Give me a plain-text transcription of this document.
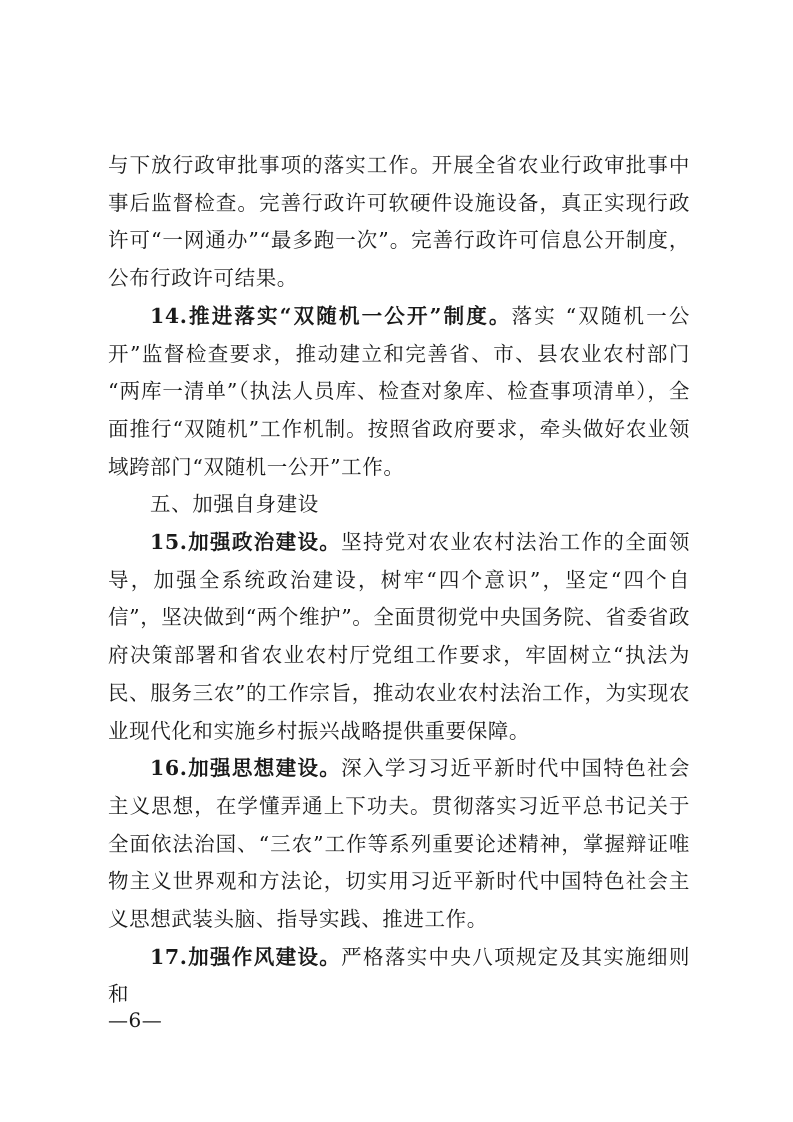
与下放行政审批事项的落实工作。开展全省农业行政审批事中事后监督检查。完善行政许可软硬件设施设备，真正实现行政许可“一网通办”“最多跑一次”。完善行政许可信息公开制度，公布行政许可结果。

14.推进落实“双随机一公开”制度。落实 “双随机一公开”监督检查要求，推动建立和完善省、市、县农业农村部门 “两库一清单”（执法人员库、检查对象库、检查事项清单），全面推行“双随机”工作机制。按照省政府要求，牵头做好农业领域跨部门“双随机一公开”工作。

五、加强自身建设

15.加强政治建设。坚持党对农业农村法治工作的全面领导，加强全系统政治建设，树牢“四个意识”，坚定“四个自信”，坚决做到“两个维护”。全面贯彻党中央国务院、省委省政府决策部署和省农业农村厅党组工作要求，牢固树立“执法为民、服务三农”的工作宗旨，推动农业农村法治工作，为实现农业现代化和实施乡村振兴战略提供重要保障。

16.加强思想建设。深入学习习近平新时代中国特色社会主义思想，在学懂弄通上下功夫。贯彻落实习近平总书记关于全面依法治国、“三农”工作等系列重要论述精神，掌握辩证唯物主义世界观和方法论，切实用习近平新时代中国特色社会主义思想武装头脑、指导实践、推进工作。

17.加强作风建设。严格落实中央八项规定及其实施细则和

—6—
